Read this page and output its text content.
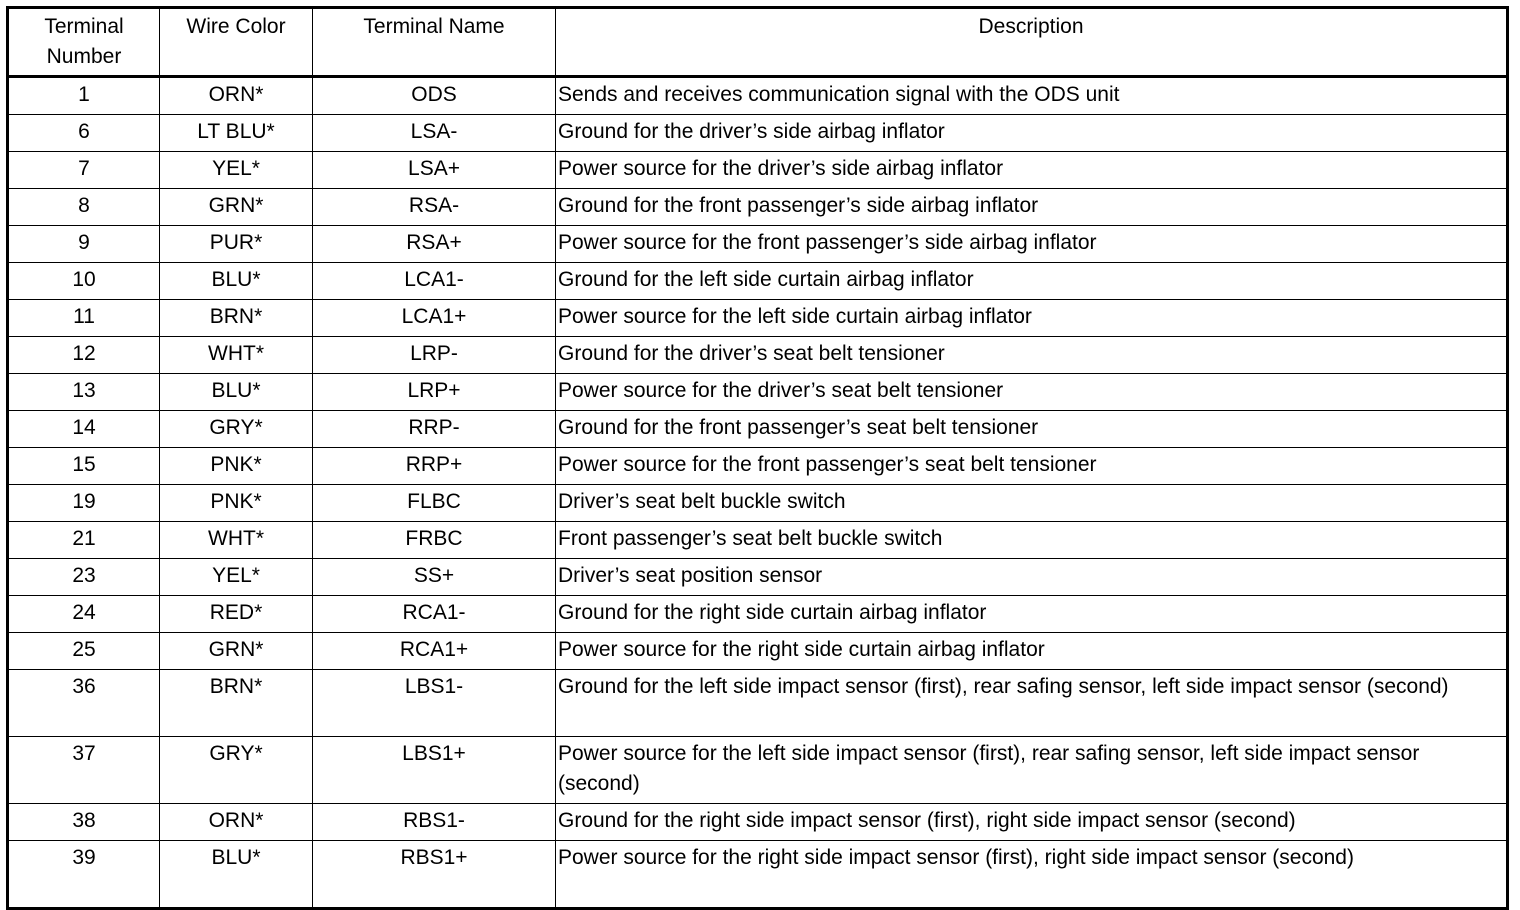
Terminal
Number	Wire Color	Terminal Name	Description
1	ORN*	ODS	Sends and receives communication signal with the ODS unit
6	LT BLU*	LSA-	Ground for the driver’s side airbag inflator
7	YEL*	LSA+	Power source for the driver’s side airbag inflator
8	GRN*	RSA-	Ground for the front passenger’s side airbag inflator
9	PUR*	RSA+	Power source for the front passenger’s side airbag inflator
10	BLU*	LCA1-	Ground for the left side curtain airbag inflator
11	BRN*	LCA1+	Power source for the left side curtain airbag inflator
12	WHT*	LRP-	Ground for the driver’s seat belt tensioner
13	BLU*	LRP+	Power source for the driver’s seat belt tensioner
14	GRY*	RRP-	Ground for the front passenger’s seat belt tensioner
15	PNK*	RRP+	Power source for the front passenger’s seat belt tensioner
19	PNK*	FLBC	Driver’s seat belt buckle switch
21	WHT*	FRBC	Front passenger’s seat belt buckle switch
23	YEL*	SS+	Driver’s seat position sensor
24	RED*	RCA1-	Ground for the right side curtain airbag inflator
25	GRN*	RCA1+	Power source for the right side curtain airbag inflator
36	BRN*	LBS1-	Ground for the left side impact sensor (first), rear safing sensor, left side impact sensor (second)
37	GRY*	LBS1+	Power source for the left side impact sensor (first), rear safing sensor, left side impact sensor (second)
38	ORN*	RBS1-	Ground for the right side impact sensor (first), right side impact sensor (second)
39	BLU*	RBS1+	Power source for the right side impact sensor (first), right side impact sensor (second)
